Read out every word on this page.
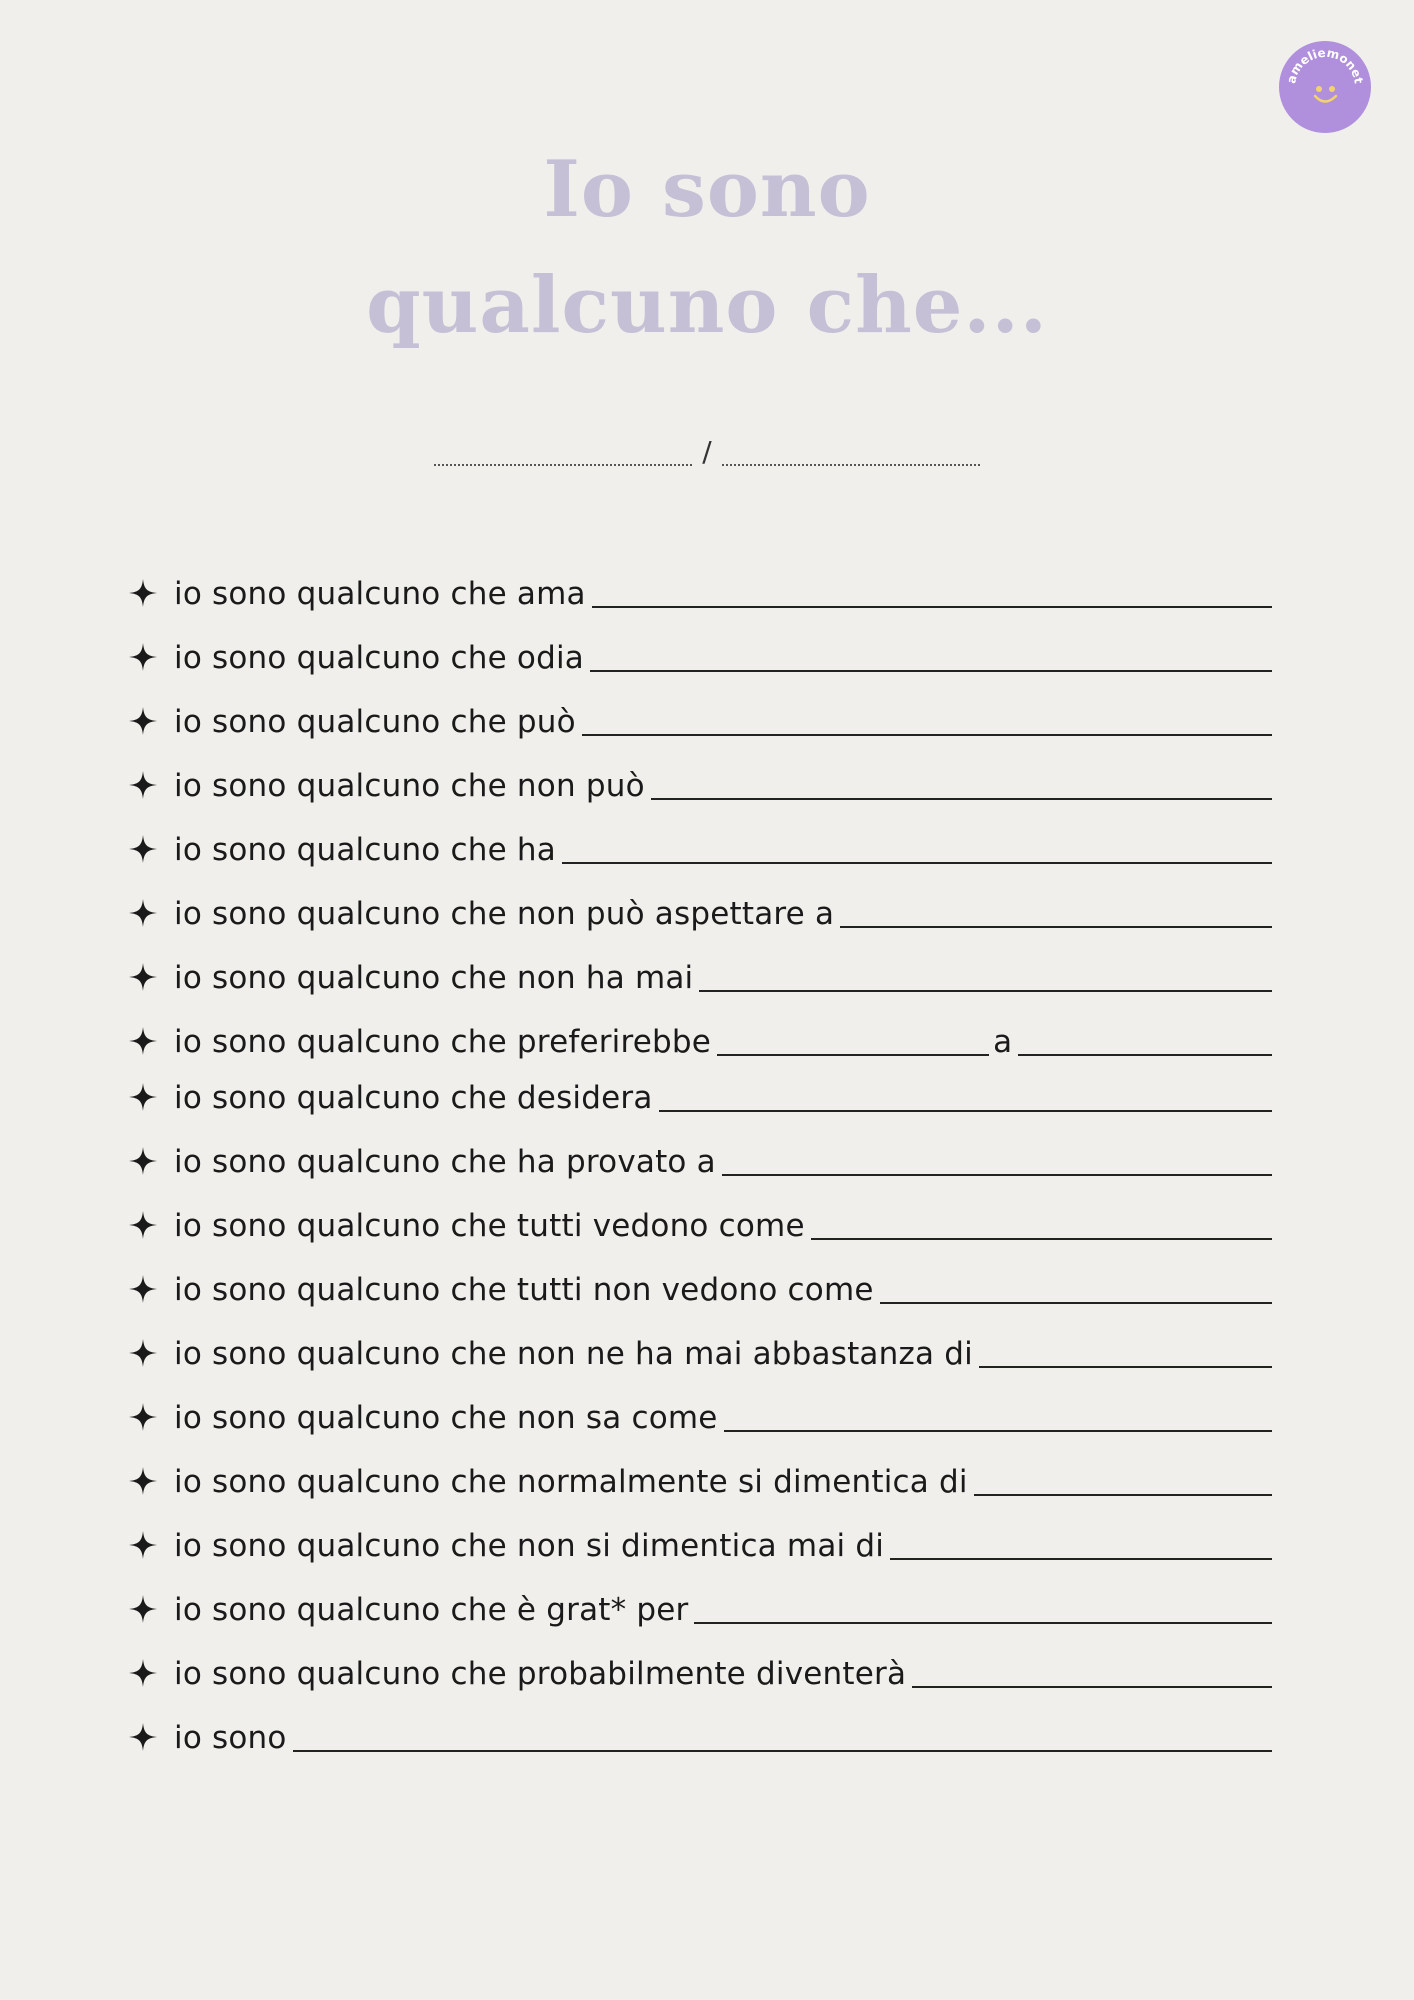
ameliemonet
Io sono
qualcuno che...
/
io sono qualcuno che ama
io sono qualcuno che odia
io sono qualcuno che può
io sono qualcuno che non può
io sono qualcuno che ha
io sono qualcuno che non può aspettare a
io sono qualcuno che non ha mai
io sono qualcuno che preferirebbe	a
io sono qualcuno che desidera
io sono qualcuno che ha provato a
io sono qualcuno che tutti vedono come
io sono qualcuno che tutti non vedono come
io sono qualcuno che non ne ha mai abbastanza di
io sono qualcuno che non sa come
io sono qualcuno che normalmente si dimentica di
io sono qualcuno che non si dimentica mai di
io sono qualcuno che è grat* per
io sono qualcuno che probabilmente diventerà
io sono
